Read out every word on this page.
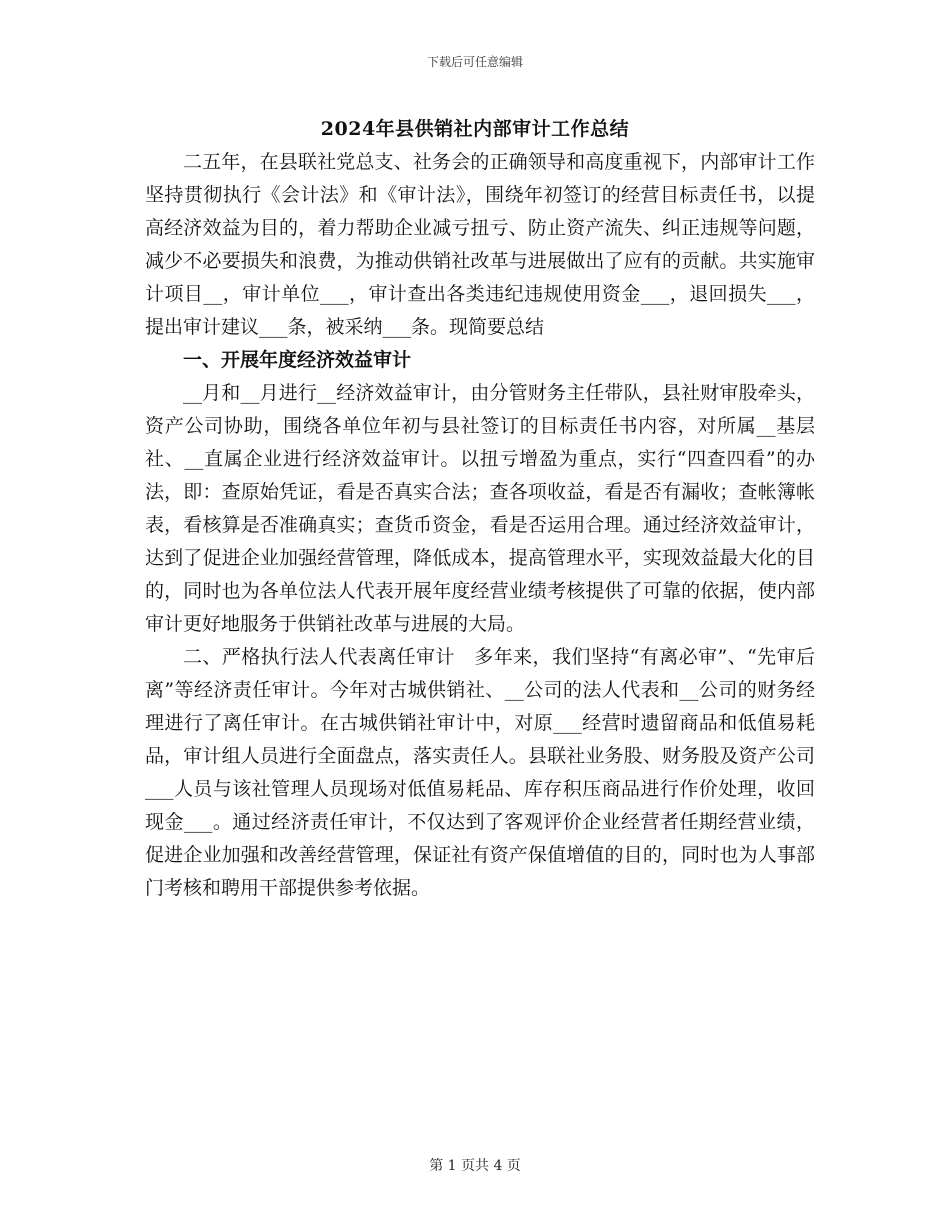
下载后可任意编辑
2024年县供销社内部审计工作总结

二五年，在县联社党总支、社务会的正确领导和高度重视下，内部审计工作坚持贯彻执行《会计法》和《审计法》，围绕年初签订的经营目标责任书，以提高经济效益为目的，着力帮助企业减亏扭亏、防止资产流失、纠正违规等问题，减少不必要损失和浪费，为推动供销社改革与进展做出了应有的贡献。共实施审计项目__，审计单位___，审计查出各类违纪违规使用资金___，退回损失___，提出审计建议___条，被采纳___条。现简要总结

一、开展年度经济效益审计

__月和__月进行__经济效益审计，由分管财务主任带队，县社财审股牵头，资产公司协助，围绕各单位年初与县社签订的目标责任书内容，对所属__基层社、__直属企业进行经济效益审计。以扭亏增盈为重点，实行“四查四看”的办法，即：查原始凭证，看是否真实合法；查各项收益，看是否有漏收；查帐簿帐表，看核算是否准确真实；查货币资金，看是否运用合理。通过经济效益审计，达到了促进企业加强经营管理，降低成本，提高管理水平，实现效益最大化的目的，同时也为各单位法人代表开展年度经营业绩考核提供了可靠的依据，使内部审计更好地服务于供销社改革与进展的大局。

二、严格执行法人代表离任审计　多年来，我们坚持“有离必审”、“先审后离”等经济责任审计。今年对古城供销社、__公司的法人代表和__公司的财务经理进行了离任审计。在古城供销社审计中，对原___经营时遗留商品和低值易耗品，审计组人员进行全面盘点，落实责任人。县联社业务股、财务股及资产公司___人员与该社管理人员现场对低值易耗品、库存积压商品进行作价处理，收回现金___。通过经济责任审计，不仅达到了客观评价企业经营者任期经营业绩，促进企业加强和改善经营管理，保证社有资产保值增值的目的，同时也为人事部门考核和聘用干部提供参考依据。

第 1 页共 4 页
